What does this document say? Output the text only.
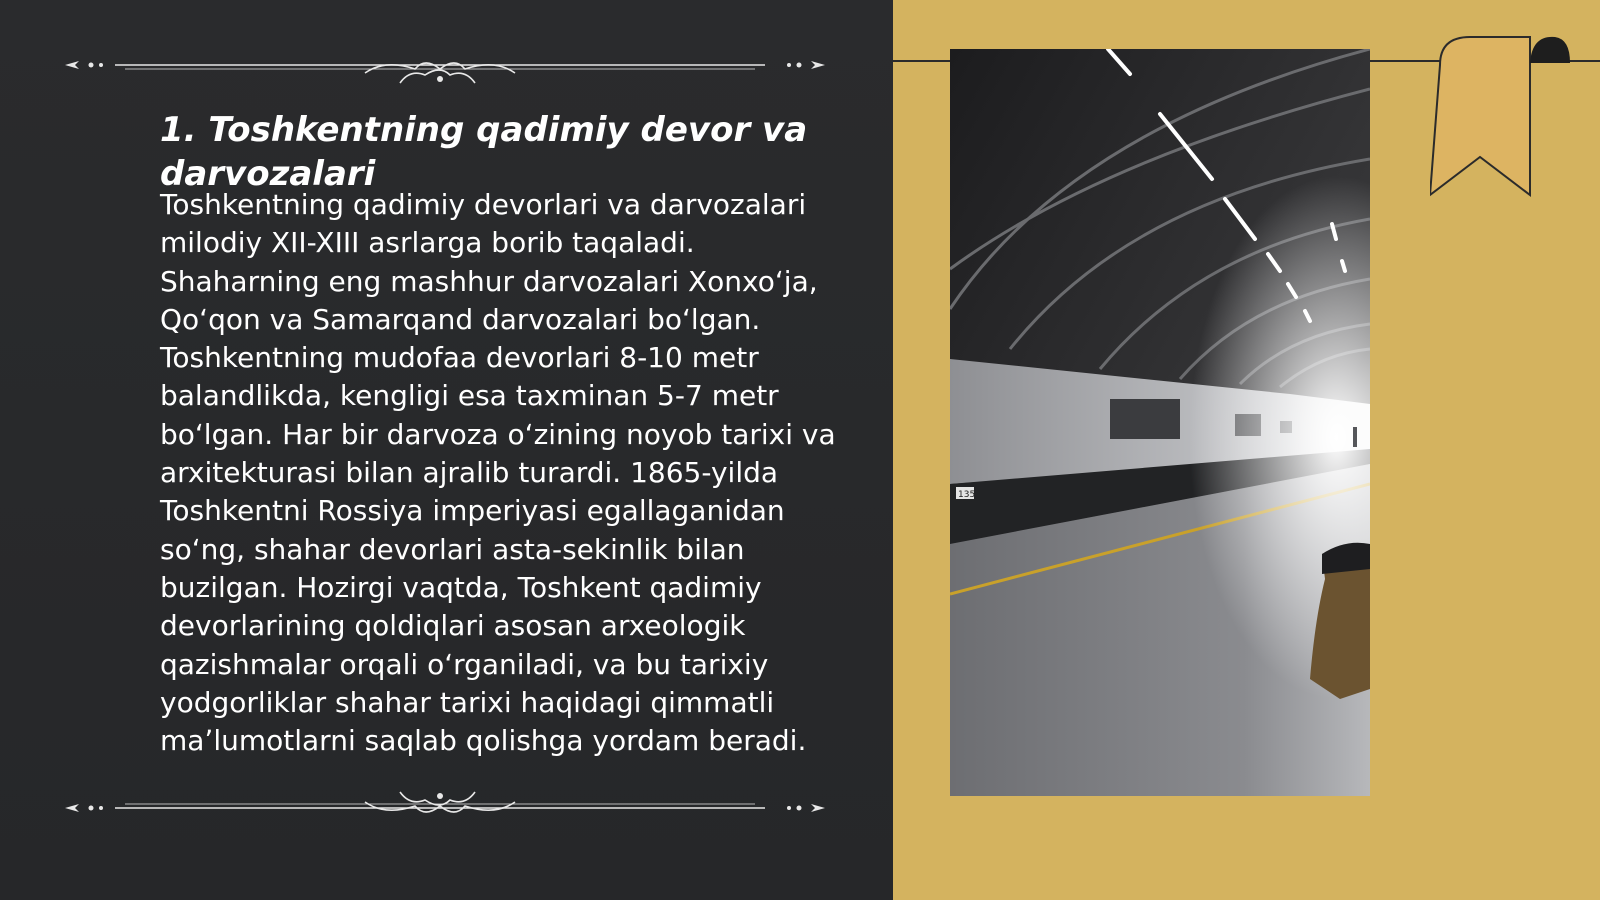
1. Toshkentning qadimiy devor va darvozalari

Toshkentning qadimiy devorlari va darvozalari milodiy XII-XIII asrlarga borib taqaladi. Shaharning eng mashhur darvozalari Xonxoʻja, Qoʻqon va Samarqand darvozalari boʻlgan. Toshkentning mudofaa devorlari 8-10 metr balandlikda, kengligi esa taxminan 5-7 metr boʻlgan. Har bir darvoza oʻzining noyob tarixi va arxitekturasi bilan ajralib turardi. 1865-yilda Toshkentni Rossiya imperiyasi egallaganidan soʻng, shahar devorlari asta-sekinlik bilan buzilgan. Hozirgi vaqtda, Toshkent qadimiy devorlarining qoldiqlari asosan arxeologik qazishmalar orqali oʻrganiladi, va bu tarixiy yodgorliklar shahar tarixi haqidagi qimmatli maʼlumotlarni saqlab qolishga yordam beradi.
